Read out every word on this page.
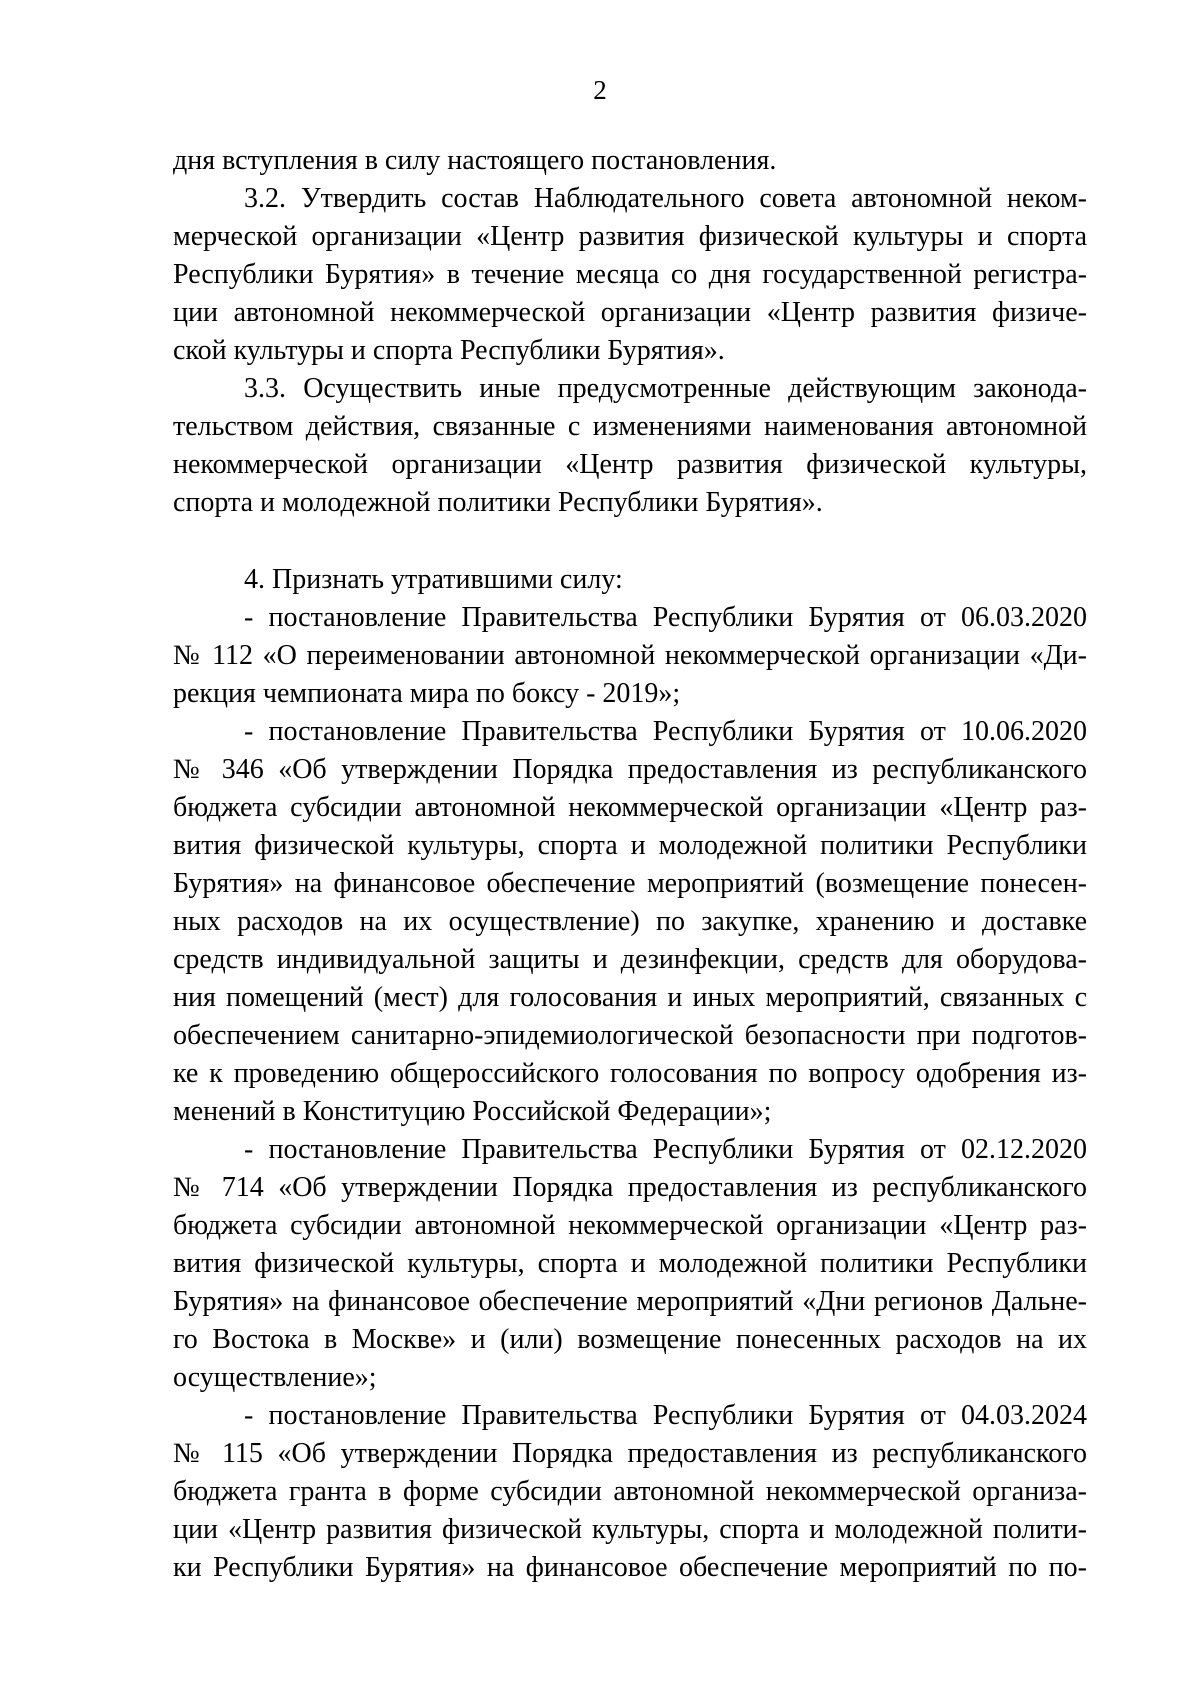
2
дня вступления в силу настоящего постановления.
3.2. Утвердить состав Наблюдательного совета автономной неком-
мерческой организации «Центр развития физической культуры и спорта
Республики Бурятия» в течение месяца со дня государственной регистра-
ции автономной некоммерческой организации «Центр развития физиче-
ской культуры и спорта Республики Бурятия».
3.3. Осуществить иные предусмотренные действующим законода-
тельством действия, связанные с изменениями наименования автономной
некоммерческой организации «Центр развития физической культуры,
спорта и молодежной политики Республики Бурятия».
4. Признать утратившими силу:
- постановление Правительства Республики Бурятия от 06.03.2020
№ 112 «О переименовании автономной некоммерческой организации «Ди-
рекция чемпионата мира по боксу - 2019»;
- постановление Правительства Республики Бурятия от 10.06.2020
№ 346 «Об утверждении Порядка предоставления из республиканского
бюджета субсидии автономной некоммерческой организации «Центр раз-
вития физической культуры, спорта и молодежной политики Республики
Бурятия» на финансовое обеспечение мероприятий (возмещение понесен-
ных расходов на их осуществление) по закупке, хранению и доставке
средств индивидуальной защиты и дезинфекции, средств для оборудова-
ния помещений (мест) для голосования и иных мероприятий, связанных с
обеспечением санитарно-эпидемиологической безопасности при подготов-
ке к проведению общероссийского голосования по вопросу одобрения из-
менений в Конституцию Российской Федерации»;
- постановление Правительства Республики Бурятия от 02.12.2020
№ 714 «Об утверждении Порядка предоставления из республиканского
бюджета субсидии автономной некоммерческой организации «Центр раз-
вития физической культуры, спорта и молодежной политики Республики
Бурятия» на финансовое обеспечение мероприятий «Дни регионов Дальне-
го Востока в Москве» и (или) возмещение понесенных расходов на их
осуществление»;
- постановление Правительства Республики Бурятия от 04.03.2024
№ 115 «Об утверждении Порядка предоставления из республиканского
бюджета гранта в форме субсидии автономной некоммерческой организа-
ции «Центр развития физической культуры, спорта и молодежной полити-
ки Республики Бурятия» на финансовое обеспечение мероприятий по по-
